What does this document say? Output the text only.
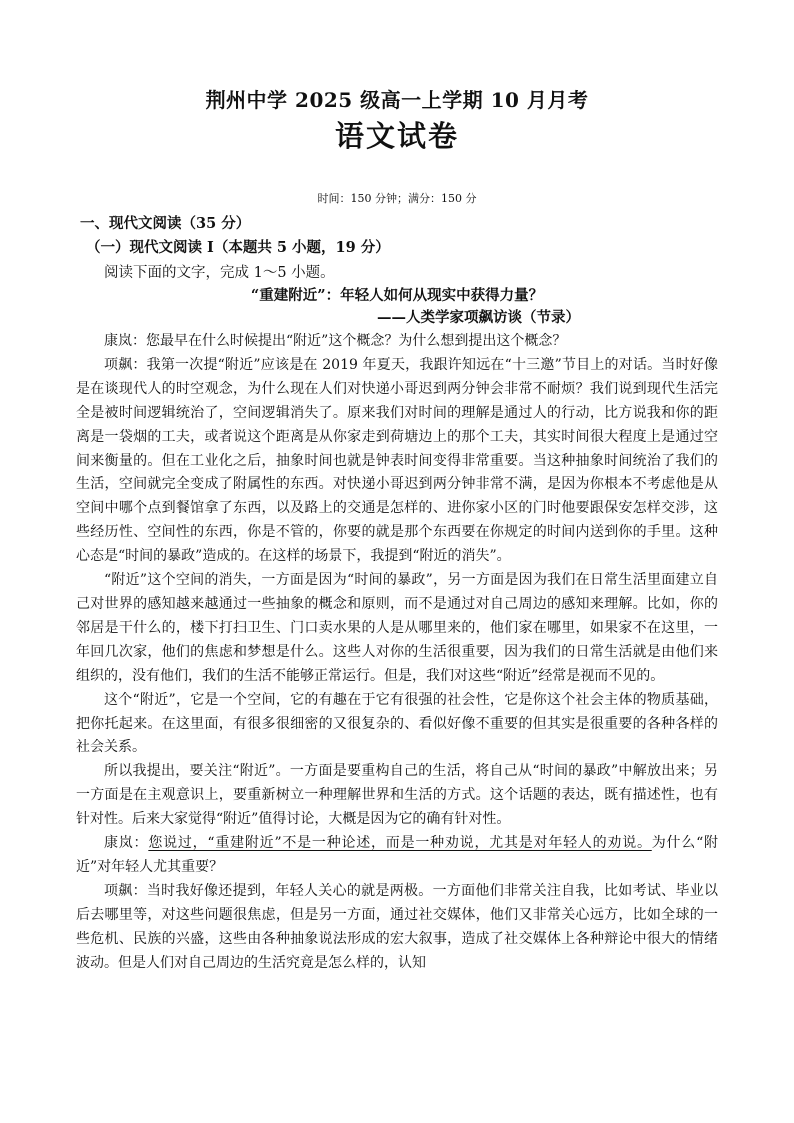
荆州中学 2025 级高一上学期 10 月月考
语文试卷
时间：150 分钟；满分：150 分
一、现代文阅读（35 分）
（一）现代文阅读 I（本题共 5 小题，19 分）
阅读下面的文字，完成 1～5 小题。
“重建附近”：年轻人如何从现实中获得力量？
——人类学家项飙访谈（节录）

康岚：您最早在什么时候提出“附近”这个概念？为什么想到提出这个概念？

项飙：我第一次提“附近”应该是在 2019 年夏天，我跟许知远在“十三邀”节目上的对话。当时好像是在谈现代人的时空观念，为什么现在人们对快递小哥迟到两分钟会非常不耐烦？我们说到现代生活完全是被时间逻辑统治了，空间逻辑消失了。原来我们对时间的理解是通过人的行动，比方说我和你的距离是一袋烟的工夫，或者说这个距离是从你家走到荷塘边上的那个工夫，其实时间很大程度上是通过空间来衡量的。但在工业化之后，抽象时间也就是钟表时间变得非常重要。当这种抽象时间统治了我们的生活，空间就完全变成了附属性的东西。对快递小哥迟到两分钟非常不满，是因为你根本不考虑他是从空间中哪个点到餐馆拿了东西，以及路上的交通是怎样的、进你家小区的门时他要跟保安怎样交涉，这些经历性、空间性的东西，你是不管的，你要的就是那个东西要在你规定的时间内送到你的手里。这种心态是“时间的暴政”造成的。在这样的场景下，我提到“附近的消失”。

“附近”这个空间的消失，一方面是因为“时间的暴政”，另一方面是因为我们在日常生活里面建立自己对世界的感知越来越通过一些抽象的概念和原则，而不是通过对自己周边的感知来理解。比如，你的邻居是干什么的，楼下打扫卫生、门口卖水果的人是从哪里来的，他们家在哪里，如果家不在这里，一年回几次家，他们的焦虑和梦想是什么。这些人对你的生活很重要，因为我们的日常生活就是由他们来组织的，没有他们，我们的生活不能够正常运行。但是，我们对这些“附近”经常是视而不见的。

这个“附近”，它是一个空间，它的有趣在于它有很强的社会性，它是你这个社会主体的物质基础，把你托起来。在这里面，有很多很细密的又很复杂的、看似好像不重要的但其实是很重要的各种各样的社会关系。

所以我提出，要关注“附近”。一方面是要重构自己的生活，将自己从“时间的暴政”中解放出来；另一方面是在主观意识上，要重新树立一种理解世界和生活的方式。这个话题的表达，既有描述性，也有针对性。后来大家觉得“附近”值得讨论，大概是因为它的确有针对性。

康岚：您说过，“重建附近”不是一种论述，而是一种劝说，尤其是对年轻人的劝说。为什么“附近”对年轻人尤其重要？

项飙：当时我好像还提到，年轻人关心的就是两极。一方面他们非常关注自我，比如考试、毕业以后去哪里等，对这些问题很焦虑，但是另一方面，通过社交媒体，他们又非常关心远方，比如全球的一些危机、民族的兴盛，这些由各种抽象说法形成的宏大叙事，造成了社交媒体上各种辩论中很大的情绪波动。但是人们对自己周边的生活究竟是怎么样的，认知
